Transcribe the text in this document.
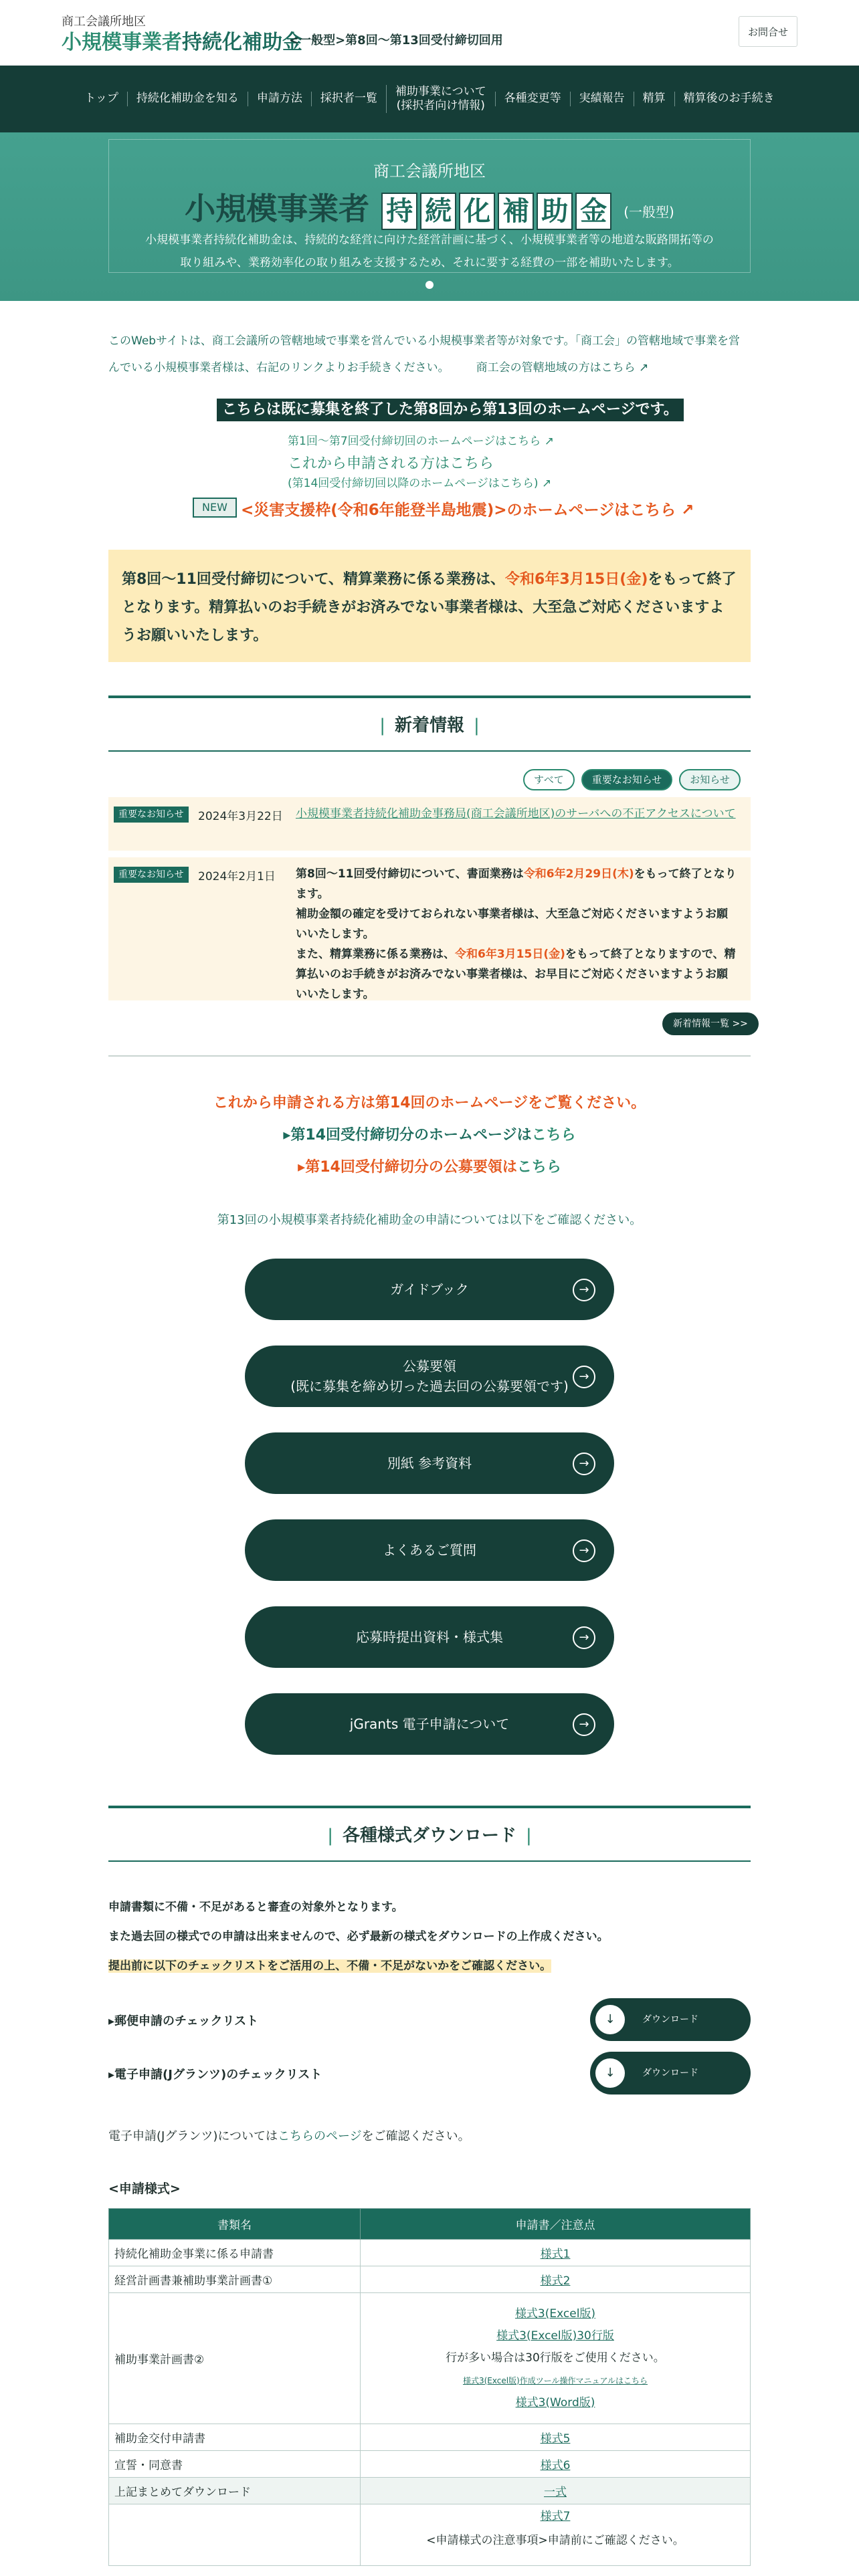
商工会議所地区
小規模事業者持続化補助金
<一般型>第8回〜第13回受付締切回用
お問合せ
トップ	持続化補助金を知る	申請方法	採択者一覧
補助事業について
(採択者向け情報)
各種変更等	実績報告	精算	精算後のお手続き
商工会議所地区
小規模事業者 持 続 化 補 助 金 (一般型)
小規模事業者持続化補助金は、持続的な経営に向けた経営計画に基づく、小規模事業者等の地道な販路開拓等の
取り組みや、業務効率化の取り組みを支援するため、それに要する経費の一部を補助いたします。
このWebサイトは、商工会議所の管轄地域で事業を営んでいる小規模事業者等が対象です。「商工会」の管轄地域で事業を営
んでいる小規模事業者様は、右記のリンクよりお手続きください。 商工会の管轄地域の方はこちら ↗
こちらは既に募集を終了した第8回から第13回のホームページです。
第1回〜第7回受付締切回のホームページはこちら ↗
これから申請される方はこちら
(第14回受付締切回以降のホームページはこちら) ↗
NEW <災害支援枠(令和6年能登半島地震)>のホームページはこちら ↗
第8回〜11回受付締切について、精算業務に係る業務は、令和6年3月15日(金)をもって終了となります。精算払いのお手続きがお済みでない事業者様は、大至急ご対応くださいますようお願いいたします。
| 新着情報 |
すべて	重要なお知らせ	お知らせ
重要なお知らせ	2024年3月22日 小規模事業者持続化補助金事務局(商工会議所地区)のサーバへの不正アクセスについて
重要なお知らせ	2024年2月1日 第8回〜11回受付締切について、書面業務は令和6年2月29日(木)をもって終了となります。
補助金額の確定を受けておられない事業者様は、大至急ご対応くださいますようお願いいたします。
また、精算業務に係る業務は、令和6年3月15日(金)をもって終了となりますので、精算払いのお手続きがお済みでない事業者様は、お早目にご対応くださいますようお願いいたします。
新着情報一覧 >>
これから申請される方は第14回のホームページをご覧ください。
▸第14回受付締切分のホームページはこちら
▸第14回受付締切分の公募要領はこちら
第13回の小規模事業者持続化補助金の申請については以下をご確認ください。
ガイドブック	→
公募要領
(既に募集を締め切った過去回の公募要領です)
→
別紙 参考資料	→
よくあるご質問	→
応募時提出資料・様式集	→
jGrants 電子申請について	→
| 各種様式ダウンロード |
申請書類に不備・不足があると審査の対象外となります。
また過去回の様式での申請は出来ませんので、必ず最新の様式をダウンロードの上作成ください。
提出前に以下のチェックリストをご活用の上、不備・不足がないかをご確認ください。
▸郵便申請のチェックリスト	↓	ダウンロード
▸電子申請(Jグランツ)のチェックリスト	↓	ダウンロード
電子申請(Jグランツ)についてはこちらのページをご確認ください。
<申請様式>
書類名	申請書／注意点
持続化補助金事業に係る申請書	様式1
経営計画書兼補助事業計画書①	様式2
補助事業計画書②	様式3(Excel版)
様式3(Excel版)30行版
行が多い場合は30行版をご使用ください。
様式3(Excel版)作成ツール操作マニュアルはこちら
様式3(Word版)

補助金交付申請書	様式5
宣誓・同意書	様式6
上記まとめてダウンロード	一式

	様式7
<申請様式の注意事項>申請前にご確認ください。
